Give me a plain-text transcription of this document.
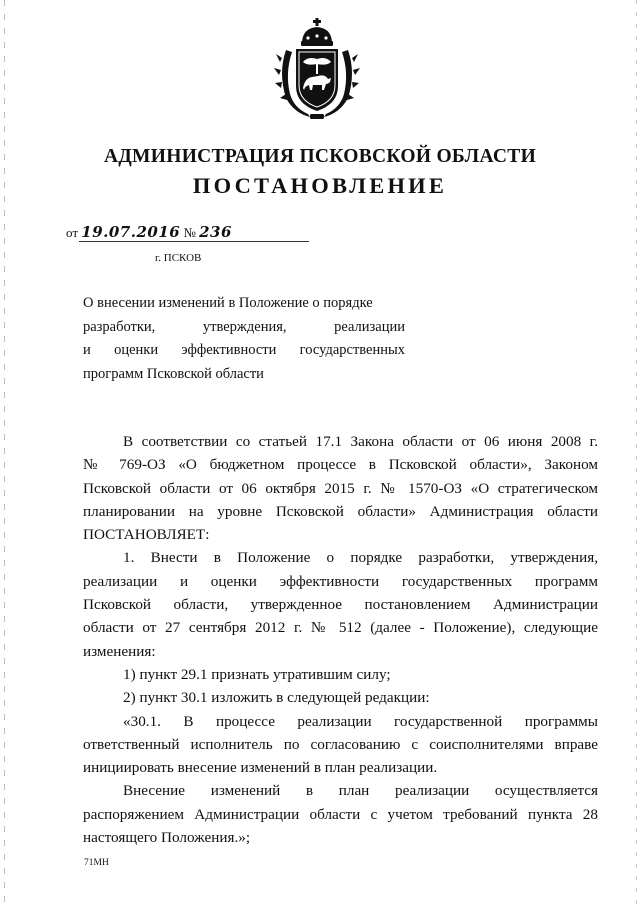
АДМИНИСТРАЦИЯ ПСКОВСКОЙ ОБЛАСТИ
ПОСТАНОВЛЕНИЕ
от 19.07.2016 № 236
г. ПСКОВ
О внесении изменений в Положение о порядке
разработки, утверждения, реализации
и оценки эффективности государственных
программ Псковской области
В соответствии со статьей 17.1 Закона области от 06 июня 2008 г.
№ 769-ОЗ «О бюджетном процессе в Псковской области», Законом
Псковской области от 06 октября 2015 г. № 1570-ОЗ «О стратегическом
планировании на уровне Псковской области» Администрация области
ПОСТАНОВЛЯЕТ:
1. Внести в Положение о порядке разработки, утверждения,
реализации и оценки эффективности государственных программ
Псковской области, утвержденное постановлением Администрации
области от 27 сентября 2012 г. № 512 (далее - Положение), следующие
изменения:
1) пункт 29.1 признать утратившим силу;
2) пункт 30.1 изложить в следующей редакции:
«30.1. В процессе реализации государственной программы
ответственный исполнитель по согласованию с соисполнителями вправе
инициировать внесение изменений в план реализации.
Внесение изменений в план реализации осуществляется
распоряжением Администрации области с учетом требований пункта 28
настоящего Положения.»;
71МН
